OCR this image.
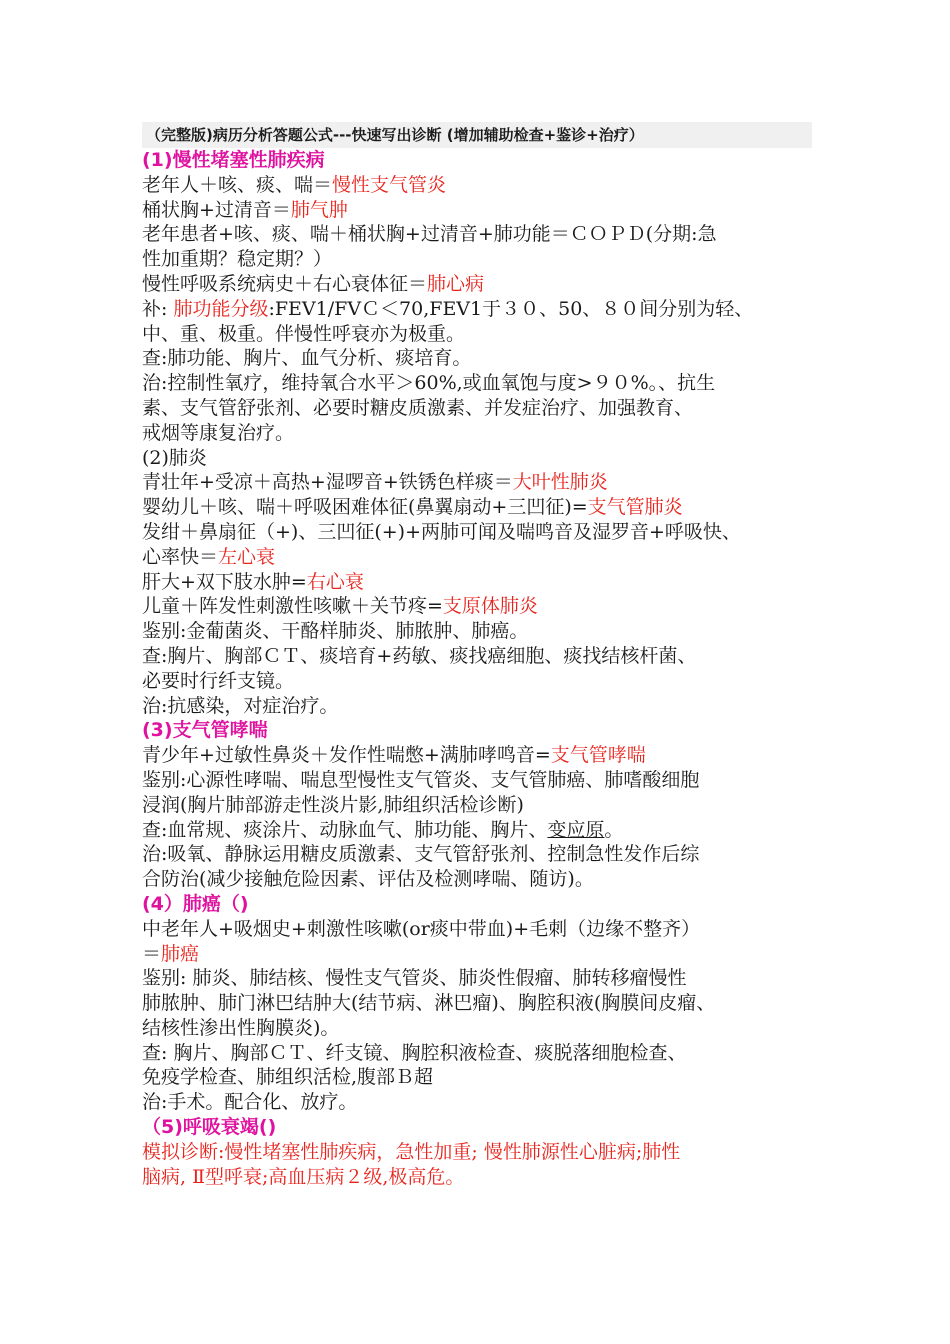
（完整版)病历分析答题公式---快速写出诊断 (增加辅助检查+鉴诊+治疗）
(1)慢性堵塞性肺疾病
老年人＋咳、痰、喘＝慢性支气管炎
桶状胸+过清音＝肺气肿
老年患者+咳、痰、喘＋桶状胸+过清音+肺功能＝ＣＯＰＤ(分期:急
性加重期？稳定期？）
慢性呼吸系统病史＋右心衰体征＝肺心病
补: 肺功能分级:FEV1/FVＣ＜70,FEV1于３０、50、８０间分别为轻、
中、重、极重。伴慢性呼衰亦为极重。
查:肺功能、胸片、血气分析、痰培育。
治:控制性氧疗，维持氧合水平＞60%,或血氧饱与度>９０%。、抗生
素、支气管舒张剂、必要时糖皮质激素、并发症治疗、加强教育、
戒烟等康复治疗。
(2)肺炎
青壮年+受凉＋高热+湿啰音+铁锈色样痰＝大叶性肺炎
婴幼儿＋咳、喘＋呼吸困难体征(鼻翼扇动+三凹征)=支气管肺炎
发绀＋鼻扇征（+)、三凹征(+)+两肺可闻及喘鸣音及湿罗音+呼吸快、
心率快＝左心衰
肝大+双下肢水肿=右心衰
儿童＋阵发性刺激性咳嗽＋关节疼=支原体肺炎
鉴别:金葡菌炎、干酪样肺炎、肺脓肿、肺癌。
查:胸片、胸部ＣＴ、痰培育+药敏、痰找癌细胞、痰找结核杆菌、
必要时行纤支镜。
治:抗感染，对症治疗。
(3)支气管哮喘
青少年+过敏性鼻炎＋发作性喘憋+满肺哮鸣音=支气管哮喘
鉴别:心源性哮喘、喘息型慢性支气管炎、支气管肺癌、肺嗜酸细胞
浸润(胸片肺部游走性淡片影,肺组织活检诊断)
查:血常规、痰涂片、动脉血气、肺功能、胸片、变应原。
治:吸氧、静脉运用糖皮质激素、支气管舒张剂、控制急性发作后综
合防治(减少接触危险因素、评估及检测哮喘、随访)。
(4）肺癌（)
中老年人+吸烟史+刺激性咳嗽(or痰中带血)+毛刺（边缘不整齐）
＝肺癌
鉴别: 肺炎、肺结核、慢性支气管炎、肺炎性假瘤、肺转移瘤慢性
肺脓肿、肺门淋巴结肿大(结节病、淋巴瘤)、胸腔积液(胸膜间皮瘤、
结核性渗出性胸膜炎)。
查: 胸片、胸部ＣＴ、纤支镜、胸腔积液检查、痰脱落细胞检查、
免疫学检查、肺组织活检,腹部Ｂ超
治:手术。配合化、放疗。
（5)呼吸衰竭()
模拟诊断:慢性堵塞性肺疾病，急性加重; 慢性肺源性心脏病;肺性
脑病, Ⅱ型呼衰;高血压病２级,极高危。
